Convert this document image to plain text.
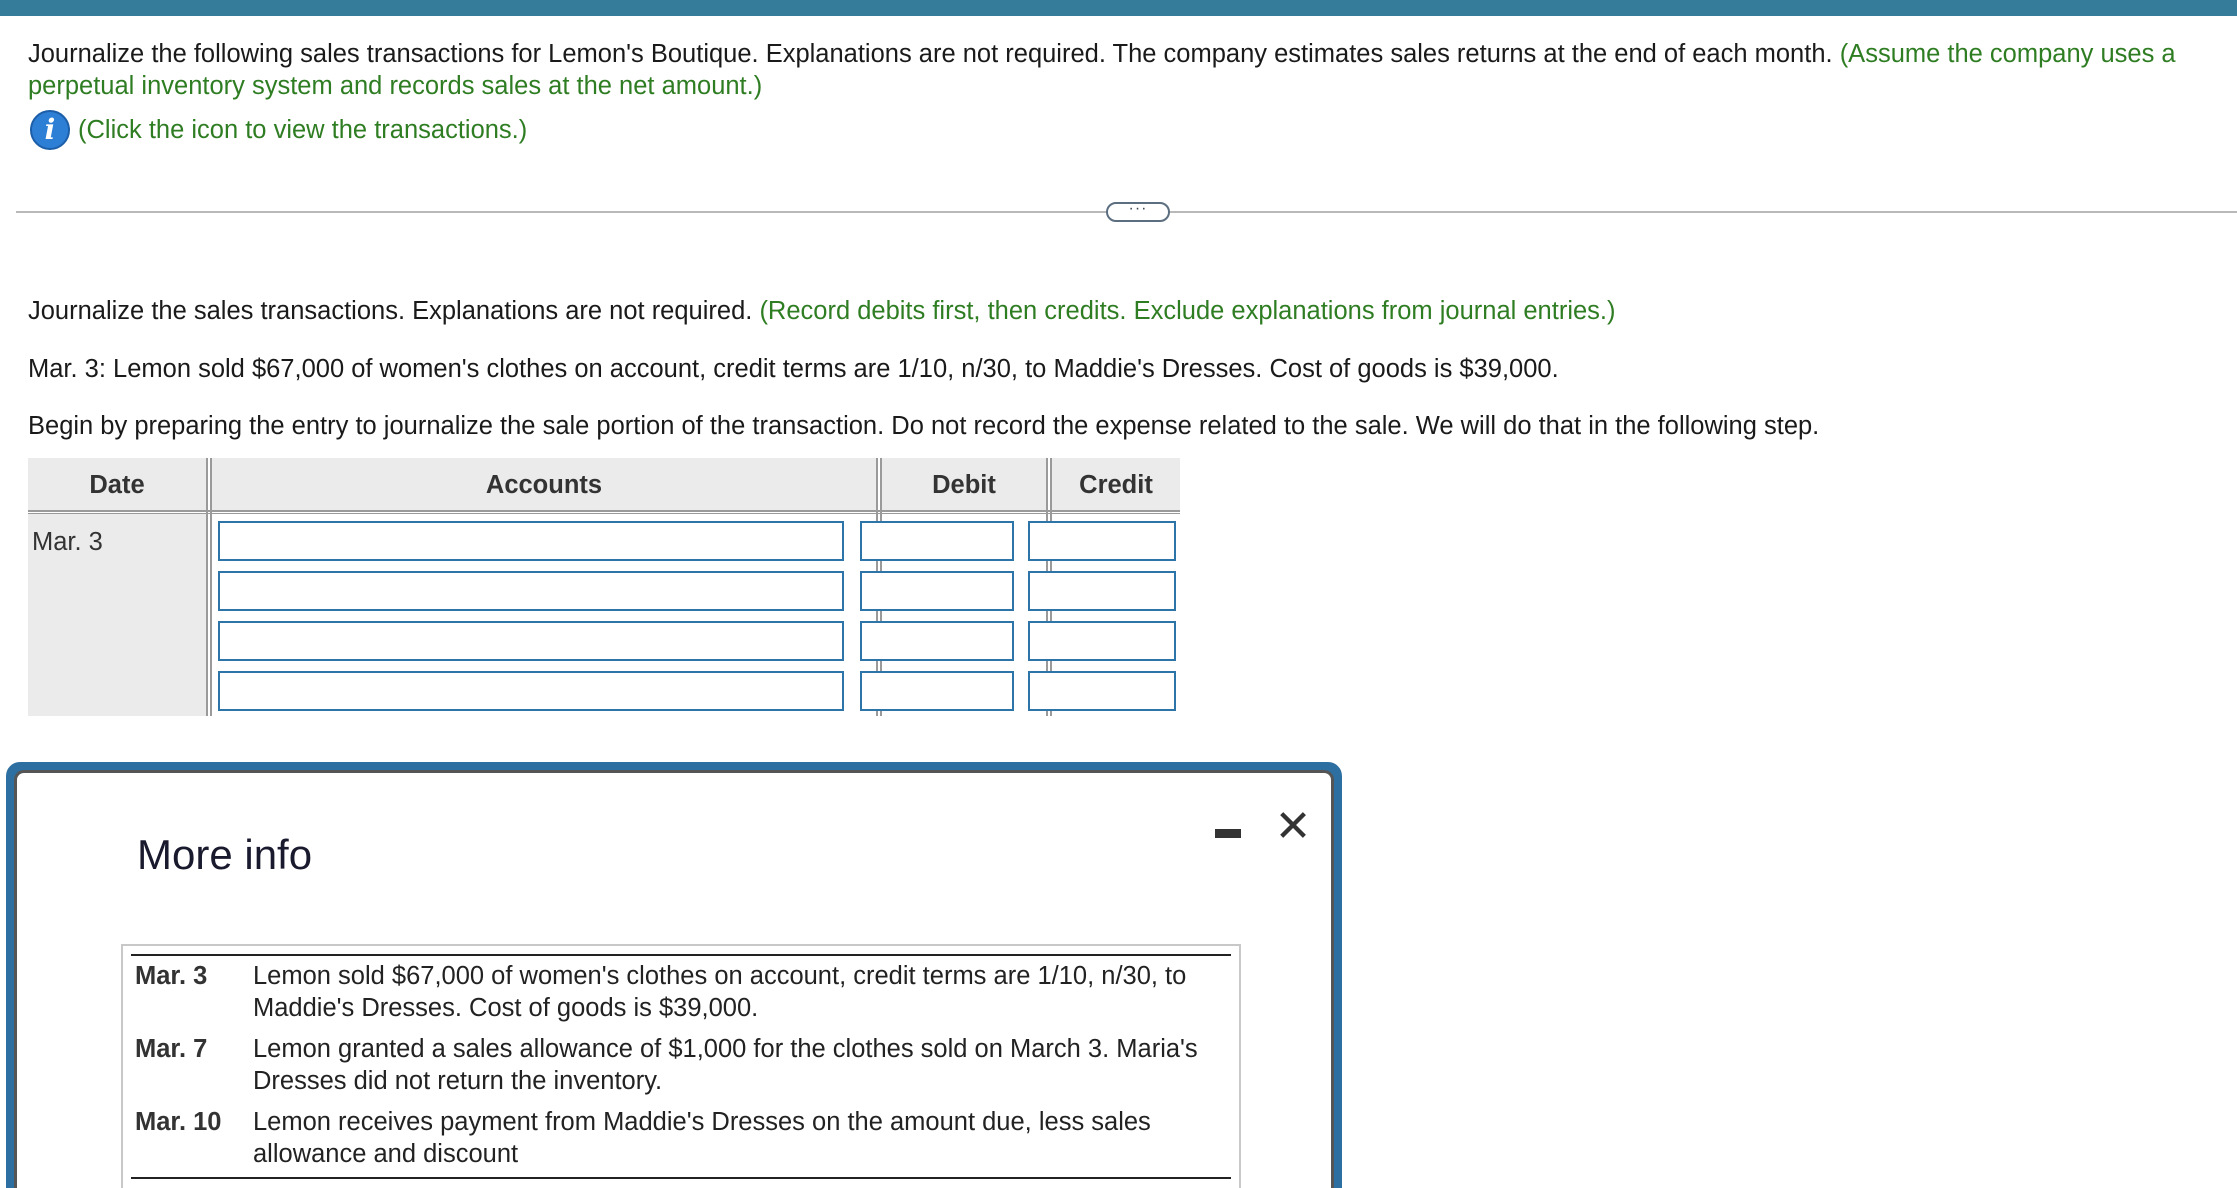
Journalize the following sales transactions for Lemon's Boutique. Explanations are not required. The company estimates sales returns at the end of each month. (Assume the company uses a perpetual inventory system and records sales at the net amount.)
i (Click the icon to view the transactions.)
···
Journalize the sales transactions. Explanations are not required. (Record debits first, then credits. Exclude explanations from journal entries.)
Mar. 3: Lemon sold $67,000 of women's clothes on account, credit terms are 1/10, n/30, to Maddie's Dresses. Cost of goods is $39,000.
Begin by preparing the entry to journalize the sale portion of the transaction. Do not record the expense related to the sale. We will do that in the following step.
Date	Accounts	Debit	Credit
Mar. 3
More info
✕
Mar. 3	Lemon sold $67,000 of women's clothes on account, credit terms are 1/10, n/30, to Maddie's Dresses. Cost of goods is $39,000.
Mar. 7	Lemon granted a sales allowance of $1,000 for the clothes sold on March 3. Maria's Dresses did not return the inventory.
Mar. 10	Lemon receives payment from Maddie's Dresses on the amount due, less sales allowance and discount
